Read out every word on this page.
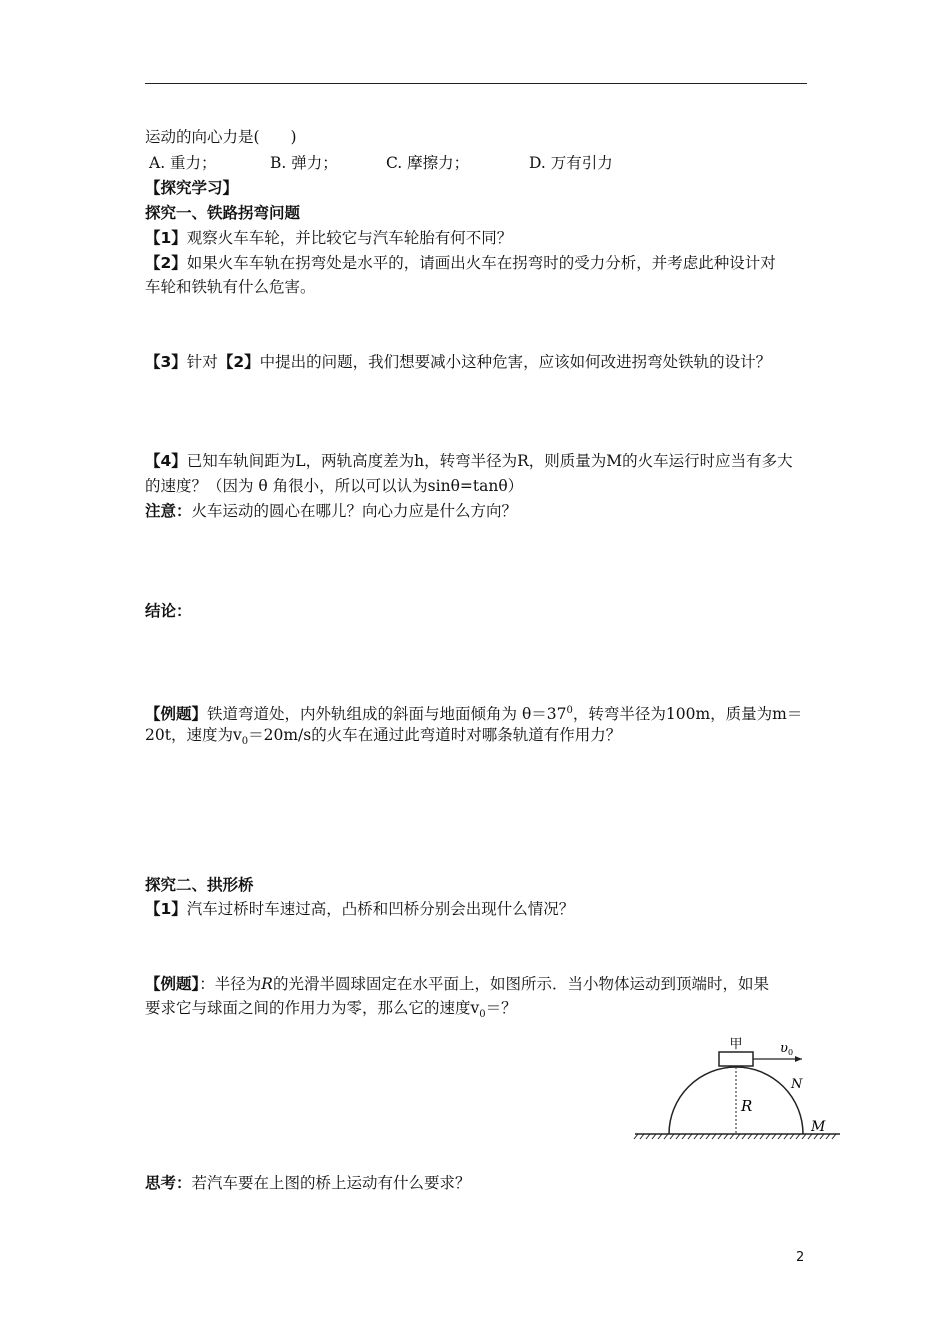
运动的向心力是(　　)
A. 重力；	B. 弹力；	C. 摩擦力；	D. 万有引力
【探究学习】
探究一、铁路拐弯问题
【1】观察火车车轮，并比较它与汽车轮胎有何不同？
【2】如果火车车轨在拐弯处是水平的，请画出火车在拐弯时的受力分析，并考虑此种设计对
车轮和铁轨有什么危害。
【3】针对【2】中提出的问题，我们想要减小这种危害，应该如何改进拐弯处铁轨的设计？
【4】已知车轨间距为L，两轨高度差为h，转弯半径为R，则质量为M的火车运行时应当有多大
的速度？（因为 θ 角很小，所以可以认为sinθ=tanθ）
注意：火车运动的圆心在哪儿？向心力应是什么方向？
结论：
【例题】铁道弯道处，内外轨组成的斜面与地面倾角为 $\theta=37^0$，转弯半径为100m，质量为m＝
20t，速度为$v_0=20m/s$的火车在通过此弯道时对哪条轨道有作用力？
探究二、拱形桥
【1】汽车过桥时车速过高，凸桥和凹桥分别会出现什么情况？
【例题】：半径为R的光滑半圆球固定在水平面上，如图所示．当小物体运动到顶端时，如果
要求它与球面之间的作用力为零，那么它的速度$v_0=$？
甲	υ 0
N
R
M
思考：若汽车要在上图的桥上运动有什么要求？
2
